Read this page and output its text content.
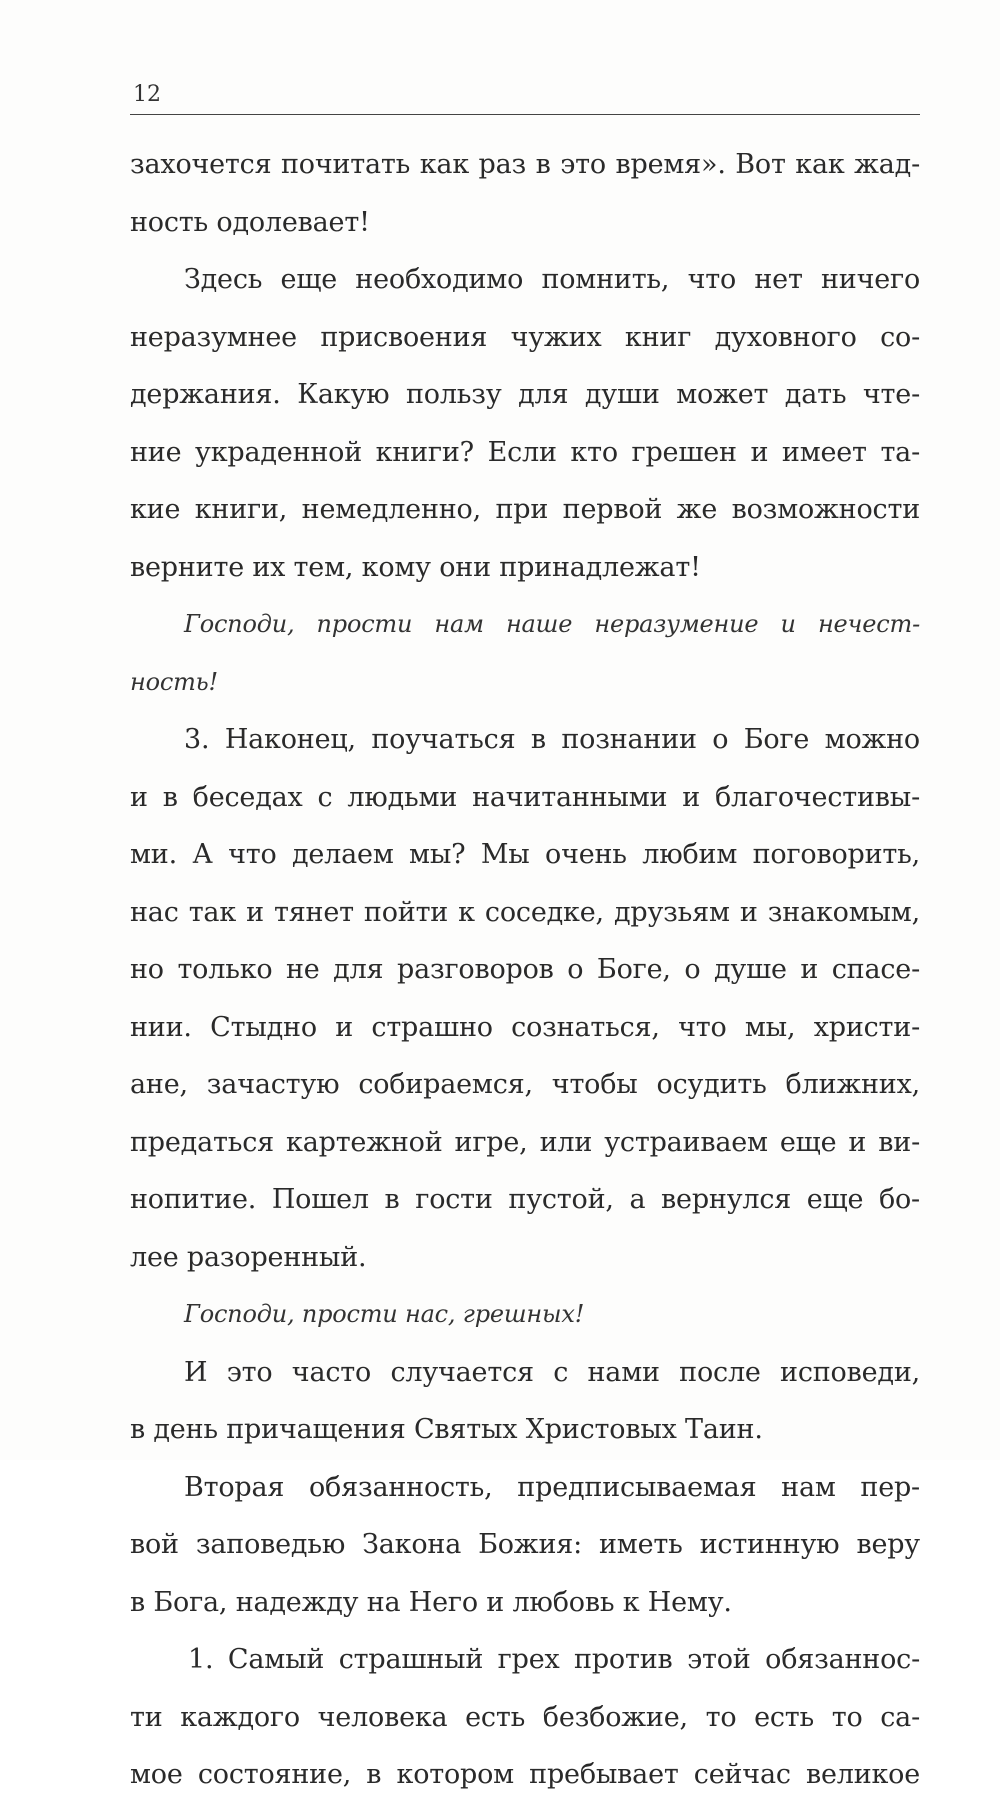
12
захочется почитать как раз в это время». Вот как жад-
ность одолевает!
Здесь еще необходимо помнить, что нет ничего
неразумнее присвоения чужих книг духовного со-
держания. Какую пользу для души может дать чте-
ние украденной книги? Если кто грешен и имеет та-
кие книги, немедленно, при первой же возможности
верните их тем, кому они принадлежат!
Господи, прости нам наше неразумение и нечест-
ность!
3. Наконец, поучаться в познании о Боге можно
и в беседах с людьми начитанными и благочестивы-
ми. А что делаем мы? Мы очень любим поговорить,
нас так и тянет пойти к соседке, друзьям и знакомым,
но только не для разговоров о Боге, о душе и спасе-
нии. Стыдно и страшно сознаться, что мы, христи-
ане, зачастую собираемся, чтобы осудить ближних,
предаться картежной игре, или устраиваем еще и ви-
нопитие. Пошел в гости пустой, а вернулся еще бо-
лее разоренный.
Господи, прости нас, грешных!
И это часто случается с нами после исповеди,
в день причащения Святых Христовых Таин.
Вторая обязанность, предписываемая нам пер-
вой заповедью Закона Божия: иметь истинную веру
в Бога, надежду на Него и любовь к Нему.
1. Самый страшный грех против этой обязаннос-
ти каждого человека есть безбожие, то есть то са-
мое состояние, в котором пребывает сейчас великое
